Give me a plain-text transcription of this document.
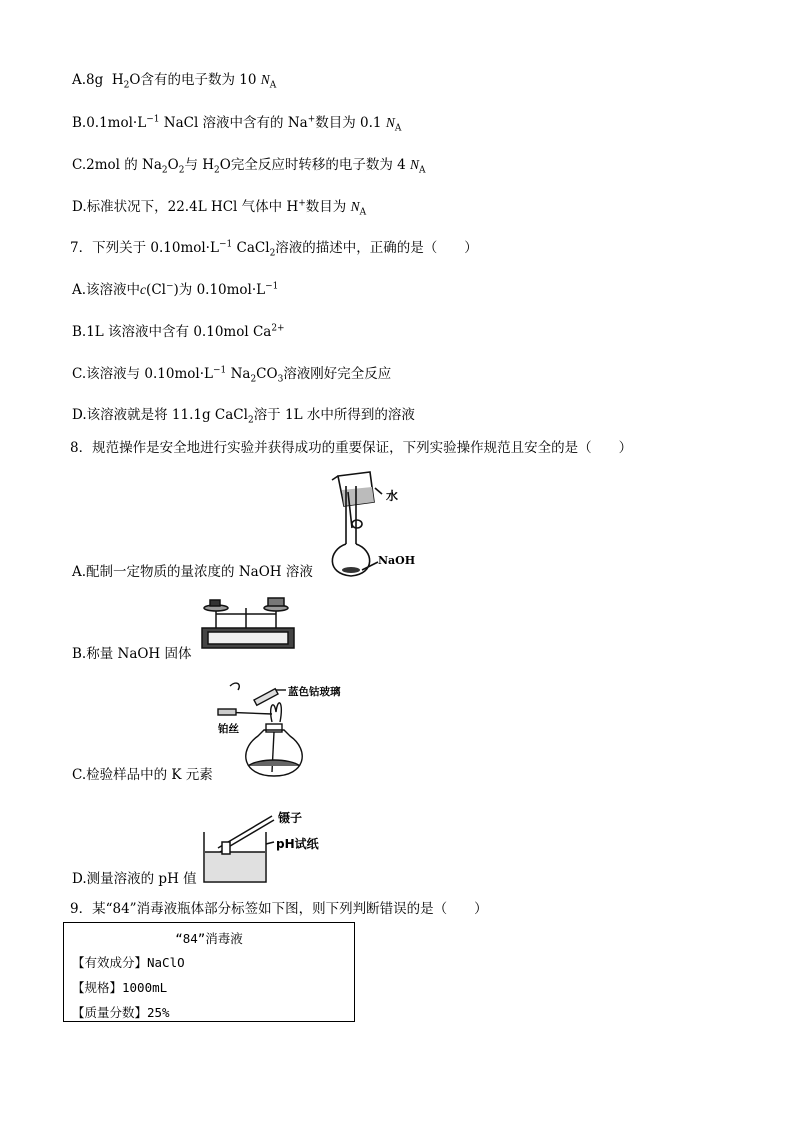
A.8g $H_2O$含有的电子数为 10 $N_A$
$B.0.1mol\cdot L^{-1}$ NaCl 溶液中含有的 Na+数目为 0.1 $N_A$
C.2mol 的 $Na_2O_2$与 $H_2O$完全反应时转移的电子数为 4 $N_A$
D.标准状况下，22.4L HCl 气体中 H+数目为 $N_A$
7．下列关于 $0.10mol\cdot L^{-1}$ CaCl$_2$溶液的描述中，正确的是（　　）
A.该溶液中c(Cl−)为 $0.10mol\cdot L^{-1}$
B.1L 该溶液中含有 0.10mol $Ca^{2+}$
C.该溶液与 $0.10mol\cdot L^{-1}$ $Na_2CO_3$溶液刚好完全反应
D.该溶液就是将 11.1g CaCl$_2$溶于 1L 水中所得到的溶液
8．规范操作是安全地进行实验并获得成功的重要保证，下列实验操作规范且安全的是（　　）
水
NaOH
A.配制一定物质的量浓度的 NaOH 溶液
B.称量 NaOH 固体
蓝色钴玻璃
铂丝
C.检验样品中的 K 元素
镊子
pH试纸
D.测量溶液的 pH 值
9．某“84”消毒液瓶体部分标签如下图，则下列判断错误的是（　　）
“84”消毒液
【有效成分】NaClO
【规格】1000mL
【质量分数】25%
